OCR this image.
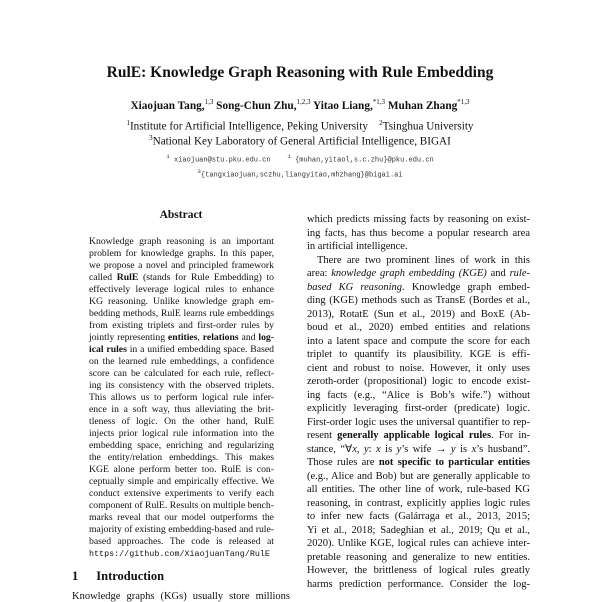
RulE: Knowledge Graph Reasoning with Rule Embedding
Xiaojuan Tang,$^{1,3}$ Song-Chun Zhu,$^{1,2,3}$ Yitao Liang,$^{*1,3}$ Muhan Zhang$^{*1,3}$
$^1$Institute for Artificial Intelligence, Peking University $^2$Tsinghua University
$^3$National Key Laboratory of General Artificial Intelligence, BIGAI
$^1$ xiaojuan@stu.pku.edu.cn	$^1$ {muhan,yitaol,s.c.zhu}@pku.edu.cn
$^3${tangxiaojuan,sczhu,liangyitao,mhzhang}@bigai.ai
Abstract
Knowledge graph reasoning is an important
problem for knowledge graphs. In this paper,
we propose a novel and principled framework
called RulE (stands for Rule Embedding) to
effectively leverage logical rules to enhance
KG reasoning. Unlike knowledge graph em-
bedding methods, RulE learns rule embeddings
from existing triplets and first-order rules by
jointly representing entities, relations and log-
ical rules in a unified embedding space. Based
on the learned rule embeddings, a confidence
score can be calculated for each rule, reflect-
ing its consistency with the observed triplets.
This allows us to perform logical rule infer-
ence in a soft way, thus alleviating the brit-
tleness of logic. On the other hand, RulE
injects prior logical rule information into the
embedding space, enriching and regularizing
the entity/relation embeddings. This makes
KGE alone perform better too. RulE is con-
ceptually simple and empirically effective. We
conduct extensive experiments to verify each
component of RulE. Results on multiple bench-
marks reveal that our model outperforms the
majority of existing embedding-based and rule-
based approaches. The code is released at
https://github.com/XiaojuanTang/RulE
1 Introduction
Knowledge graphs (KGs) usually store millions
which predicts missing facts by reasoning on exist-
ing facts, has thus become a popular research area
in artificial intelligence.
There are two prominent lines of work in this
area: knowledge graph embedding (KGE) and rule-
based KG reasoning. Knowledge graph embed-
ding (KGE) methods such as TransE (Bordes et al.,
2013), RotatE (Sun et al., 2019) and BoxE (Ab-
boud et al., 2020) embed entities and relations
into a latent space and compute the score for each
triplet to quantify its plausibility. KGE is effi-
cient and robust to noise. However, it only uses
zeroth-order (propositional) logic to encode exist-
ing facts (e.g., “Alice is Bob’s wife.”) without
explicitly leveraging first-order (predicate) logic.
First-order logic uses the universal quantifier to rep-
resent generally applicable logical rules. For in-
stance, “∀x, y: x is y’s wife → y is x’s husband”.
Those rules are not specific to particular entities
(e.g., Alice and Bob) but are generally applicable to
all entities. The other line of work, rule-based KG
reasoning, in contrast, explicitly applies logic rules
to infer new facts (Galárraga et al., 2013, 2015;
Yi et al., 2018; Sadeghian et al., 2019; Qu et al.,
2020). Unlike KGE, logical rules can achieve inter-
pretable reasoning and generalize to new entities.
However, the brittleness of logical rules greatly
harms prediction performance. Consider the log-
